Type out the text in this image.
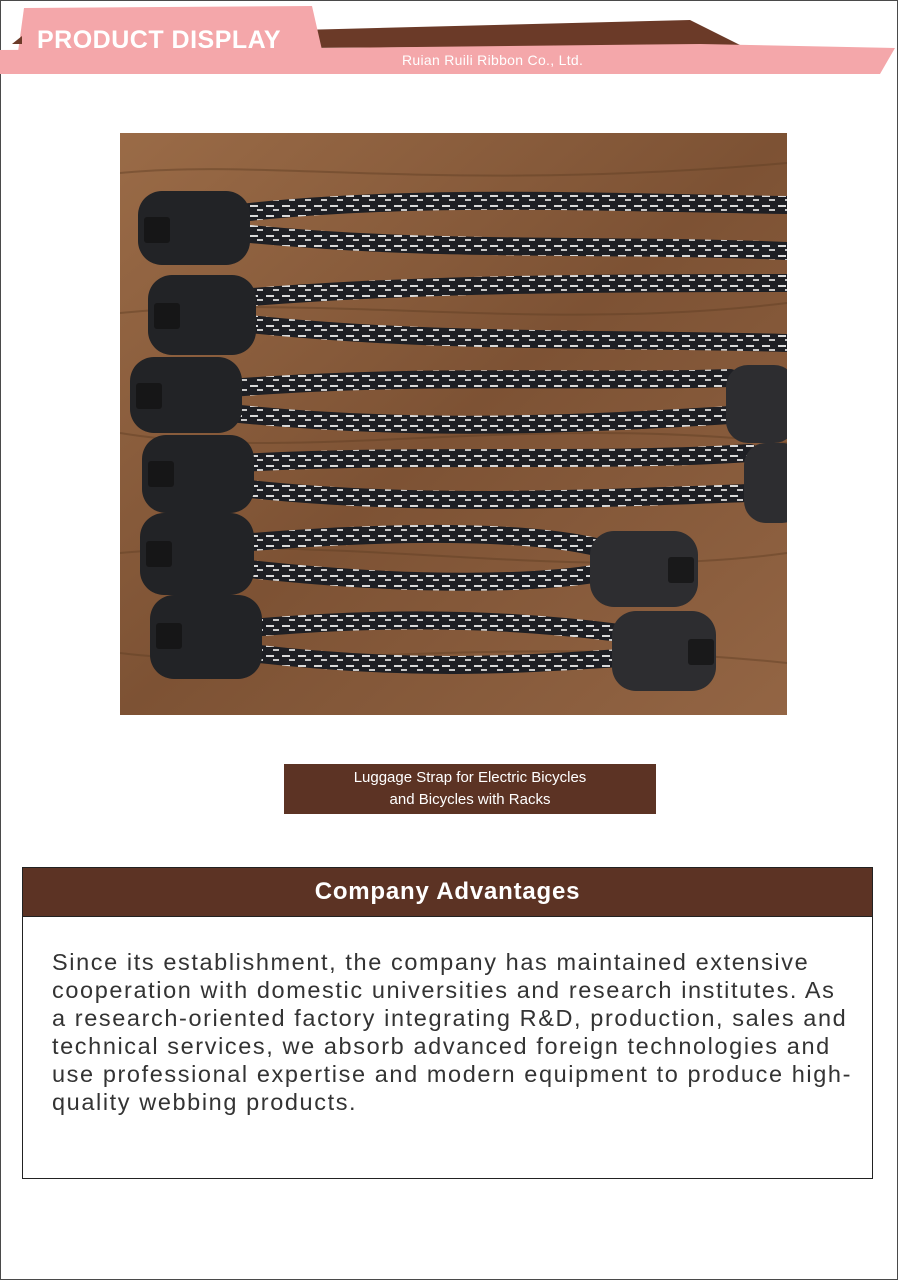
PRODUCT DISPLAY
Ruian Ruili Ribbon Co., Ltd.
Luggage Strap for Electric Bicycles
and Bicycles with Racks
Company Advantages
Since its establishment, the company has maintained extensive cooperation with domestic universities and research institutes. As a research-oriented factory integrating R&D, production, sales and technical services, we absorb advanced foreign technologies and use professional expertise and modern equipment to produce high-quality webbing products.
